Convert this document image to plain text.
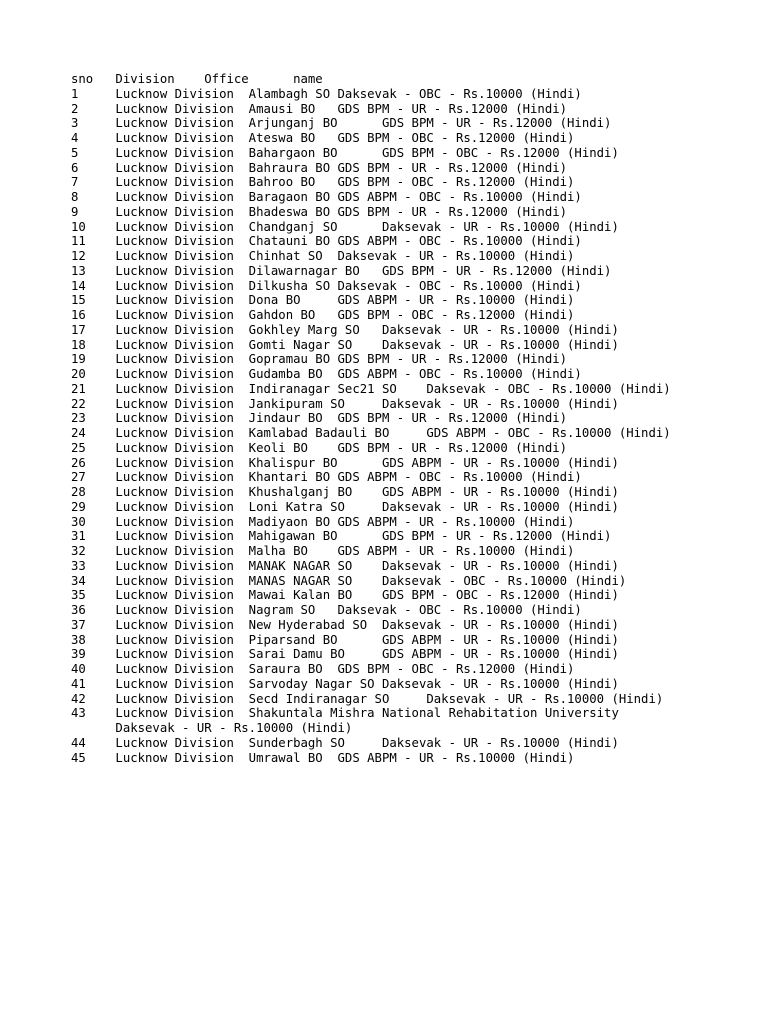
sno   Division    Office      name
1     Lucknow Division  Alambagh SO Daksevak - OBC - Rs.10000 (Hindi)
2     Lucknow Division  Amausi BO   GDS BPM - UR - Rs.12000 (Hindi)
3     Lucknow Division  Arjunganj BO      GDS BPM - UR - Rs.12000 (Hindi)
4     Lucknow Division  Ateswa BO   GDS BPM - OBC - Rs.12000 (Hindi)
5     Lucknow Division  Bahargaon BO      GDS BPM - OBC - Rs.12000 (Hindi)
6     Lucknow Division  Bahraura BO GDS BPM - UR - Rs.12000 (Hindi)
7     Lucknow Division  Bahroo BO   GDS BPM - OBC - Rs.12000 (Hindi)
8     Lucknow Division  Baragaon BO GDS ABPM - OBC - Rs.10000 (Hindi)
9     Lucknow Division  Bhadeswa BO GDS BPM - UR - Rs.12000 (Hindi)
10    Lucknow Division  Chandganj SO      Daksevak - UR - Rs.10000 (Hindi)
11    Lucknow Division  Chatauni BO GDS ABPM - OBC - Rs.10000 (Hindi)
12    Lucknow Division  Chinhat SO  Daksevak - UR - Rs.10000 (Hindi)
13    Lucknow Division  Dilawarnagar BO   GDS BPM - UR - Rs.12000 (Hindi)
14    Lucknow Division  Dilkusha SO Daksevak - OBC - Rs.10000 (Hindi)
15    Lucknow Division  Dona BO     GDS ABPM - UR - Rs.10000 (Hindi)
16    Lucknow Division  Gahdon BO   GDS BPM - OBC - Rs.12000 (Hindi)
17    Lucknow Division  Gokhley Marg SO   Daksevak - UR - Rs.10000 (Hindi)
18    Lucknow Division  Gomti Nagar SO    Daksevak - UR - Rs.10000 (Hindi)
19    Lucknow Division  Gopramau BO GDS BPM - UR - Rs.12000 (Hindi)
20    Lucknow Division  Gudamba BO  GDS ABPM - OBC - Rs.10000 (Hindi)
21    Lucknow Division  Indiranagar Sec21 SO    Daksevak - OBC - Rs.10000 (Hindi)
22    Lucknow Division  Jankipuram SO     Daksevak - UR - Rs.10000 (Hindi)
23    Lucknow Division  Jindaur BO  GDS BPM - UR - Rs.12000 (Hindi)
24    Lucknow Division  Kamlabad Badauli BO     GDS ABPM - OBC - Rs.10000 (Hindi)
25    Lucknow Division  Keoli BO    GDS BPM - UR - Rs.12000 (Hindi)
26    Lucknow Division  Khalispur BO      GDS ABPM - UR - Rs.10000 (Hindi)
27    Lucknow Division  Khantari BO GDS ABPM - OBC - Rs.10000 (Hindi)
28    Lucknow Division  Khushalganj BO    GDS ABPM - UR - Rs.10000 (Hindi)
29    Lucknow Division  Loni Katra SO     Daksevak - UR - Rs.10000 (Hindi)
30    Lucknow Division  Madiyaon BO GDS ABPM - UR - Rs.10000 (Hindi)
31    Lucknow Division  Mahigawan BO      GDS BPM - UR - Rs.12000 (Hindi)
32    Lucknow Division  Malha BO    GDS ABPM - UR - Rs.10000 (Hindi)
33    Lucknow Division  MANAK NAGAR SO    Daksevak - UR - Rs.10000 (Hindi)
34    Lucknow Division  MANAS NAGAR SO    Daksevak - OBC - Rs.10000 (Hindi)
35    Lucknow Division  Mawai Kalan BO    GDS BPM - OBC - Rs.12000 (Hindi)
36    Lucknow Division  Nagram SO   Daksevak - OBC - Rs.10000 (Hindi)
37    Lucknow Division  New Hyderabad SO  Daksevak - UR - Rs.10000 (Hindi)
38    Lucknow Division  Piparsand BO      GDS ABPM - UR - Rs.10000 (Hindi)
39    Lucknow Division  Sarai Damu BO     GDS ABPM - UR - Rs.10000 (Hindi)
40    Lucknow Division  Saraura BO  GDS BPM - OBC - Rs.12000 (Hindi)
41    Lucknow Division  Sarvoday Nagar SO Daksevak - UR - Rs.10000 (Hindi)
42    Lucknow Division  Secd Indiranagar SO     Daksevak - UR - Rs.10000 (Hindi)
43    Lucknow Division  Shakuntala Mishra National Rehabitation University
Daksevak - UR - Rs.10000 (Hindi)
44    Lucknow Division  Sunderbagh SO     Daksevak - UR - Rs.10000 (Hindi)
45    Lucknow Division  Umrawal BO  GDS ABPM - UR - Rs.10000 (Hindi)
